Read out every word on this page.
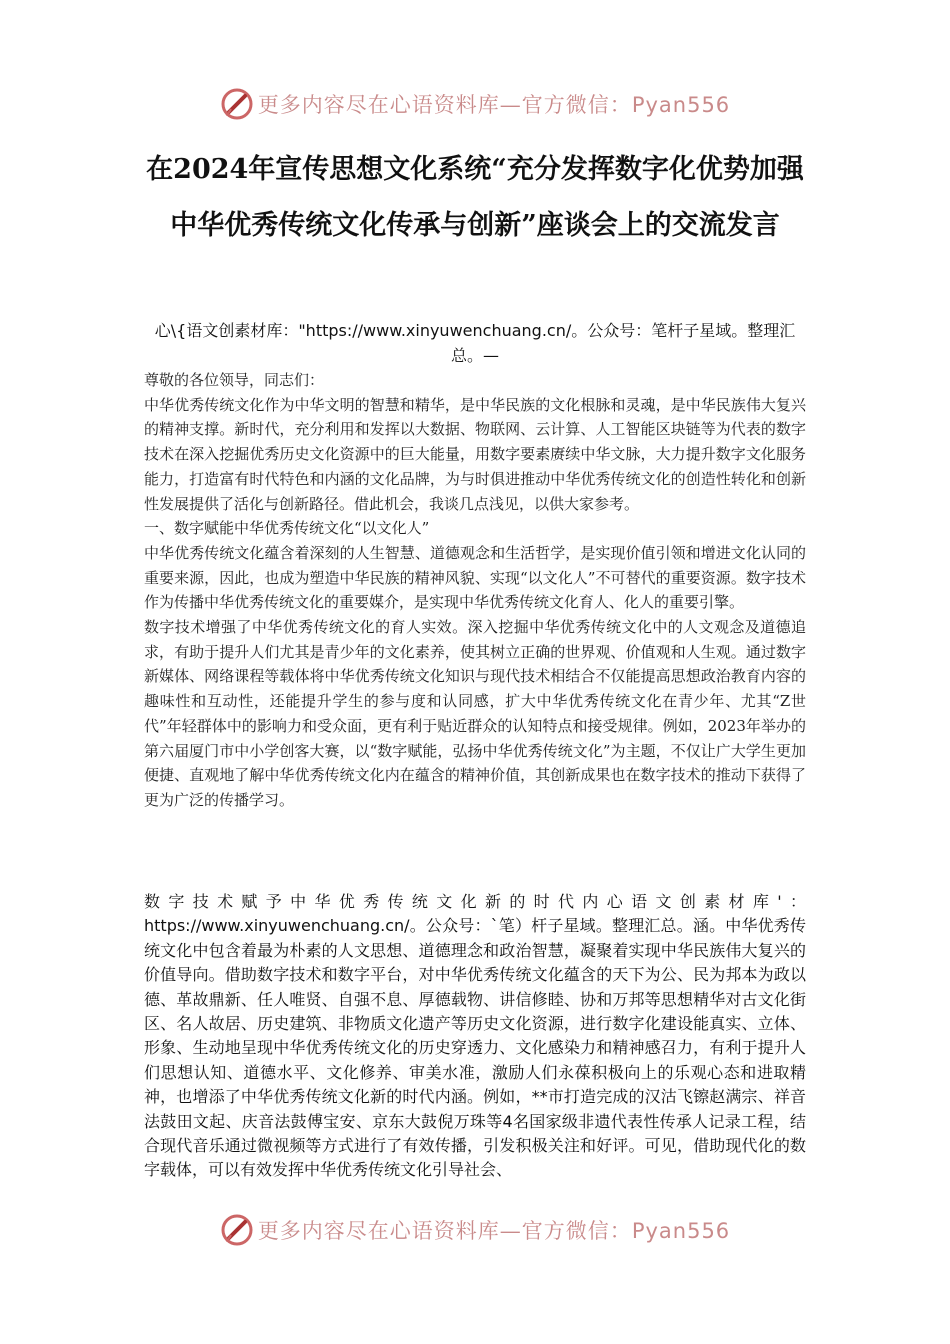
更多内容尽在心语资料库—官方微信：Pyan556
在2024年宣传思想文化系统“充分发挥数字化优势加强中华优秀传统文化传承与创新”座谈会上的交流发言
心\{语文创素材库："https://www.xinyuwenchuang.cn/。公众号：笔杆子星域。整理汇总。—

尊敬的各位领导，同志们：

中华优秀传统文化作为中华文明的智慧和精华，是中华民族的文化根脉和灵魂，是中华民族伟大复兴的精神支撑。新时代，充分利用和发挥以大数据、物联网、云计算、人工智能区块链等为代表的数字技术在深入挖掘优秀历史文化资源中的巨大能量，用数字要素赓续中华文脉，大力提升数字文化服务能力，打造富有时代特色和内涵的文化品牌，为与时俱进推动中华优秀传统文化的创造性转化和创新性发展提供了活化与创新路径。借此机会，我谈几点浅见，以供大家参考。

一、数字赋能中华优秀传统文化“以文化人”

中华优秀传统文化蕴含着深刻的人生智慧、道德观念和生活哲学，是实现价值引领和增进文化认同的重要来源，因此，也成为塑造中华民族的精神风貌、实现“以文化人”不可替代的重要资源。数字技术作为传播中华优秀传统文化的重要媒介，是实现中华优秀传统文化育人、化人的重要引擎。

数字技术增强了中华优秀传统文化的育人实效。深入挖掘中华优秀传统文化中的人文观念及道德追求，有助于提升人们尤其是青少年的文化素养，使其树立正确的世界观、价值观和人生观。通过数字新媒体、网络课程等载体将中华优秀传统文化知识与现代技术相结合不仅能提高思想政治教育内容的趣味性和互动性，还能提升学生的参与度和认同感，扩大中华优秀传统文化在青少年、尤其“Z世代”年轻群体中的影响力和受众面，更有利于贴近群众的认知特点和接受规律。例如，2023年举办的第六届厦门市中小学创客大赛，以“数字赋能，弘扬中华优秀传统文化”为主题，不仅让广大学生更加便捷、直观地了解中华优秀传统文化内在蕴含的精神价值，其创新成果也在数字技术的推动下获得了更为广泛的传播学习。

数字技术赋予中华优秀传统文化新的时代内心语文创素材库'：https://www.xinyuwenchuang.cn/。公众号：`笔）杆子星域。整理汇总。涵。中华优秀传统文化中包含着最为朴素的人文思想、道德理念和政治智慧，凝聚着实现中华民族伟大复兴的价值导向。借助数字技术和数字平台，对中华优秀传统文化蕴含的天下为公、民为邦本为政以德、革故鼎新、任人唯贤、自强不息、厚德载物、讲信修睦、协和万邦等思想精华对古文化街区、名人故居、历史建筑、非物质文化遗产等历史文化资源，进行数字化建设能真实、立体、形象、生动地呈现中华优秀传统文化的历史穿透力、文化感染力和精神感召力，有利于提升人们思想认知、道德水平、文化修养、审美水准，激励人们永葆积极向上的乐观心态和进取精神，也增添了中华优秀传统文化新的时代内涵。例如，**市打造完成的汉沽飞镲赵满宗、祥音法鼓田文起、庆音法鼓傅宝安、京东大鼓倪万珠等4名国家级非遗代表性传承人记录工程，结合现代音乐通过微视频等方式进行了有效传播，引发积极关注和好评。可见，借助现代化的数字载体，可以有效发挥中华优秀传统文化引导社会、

更多内容尽在心语资料库—官方微信：Pyan556
